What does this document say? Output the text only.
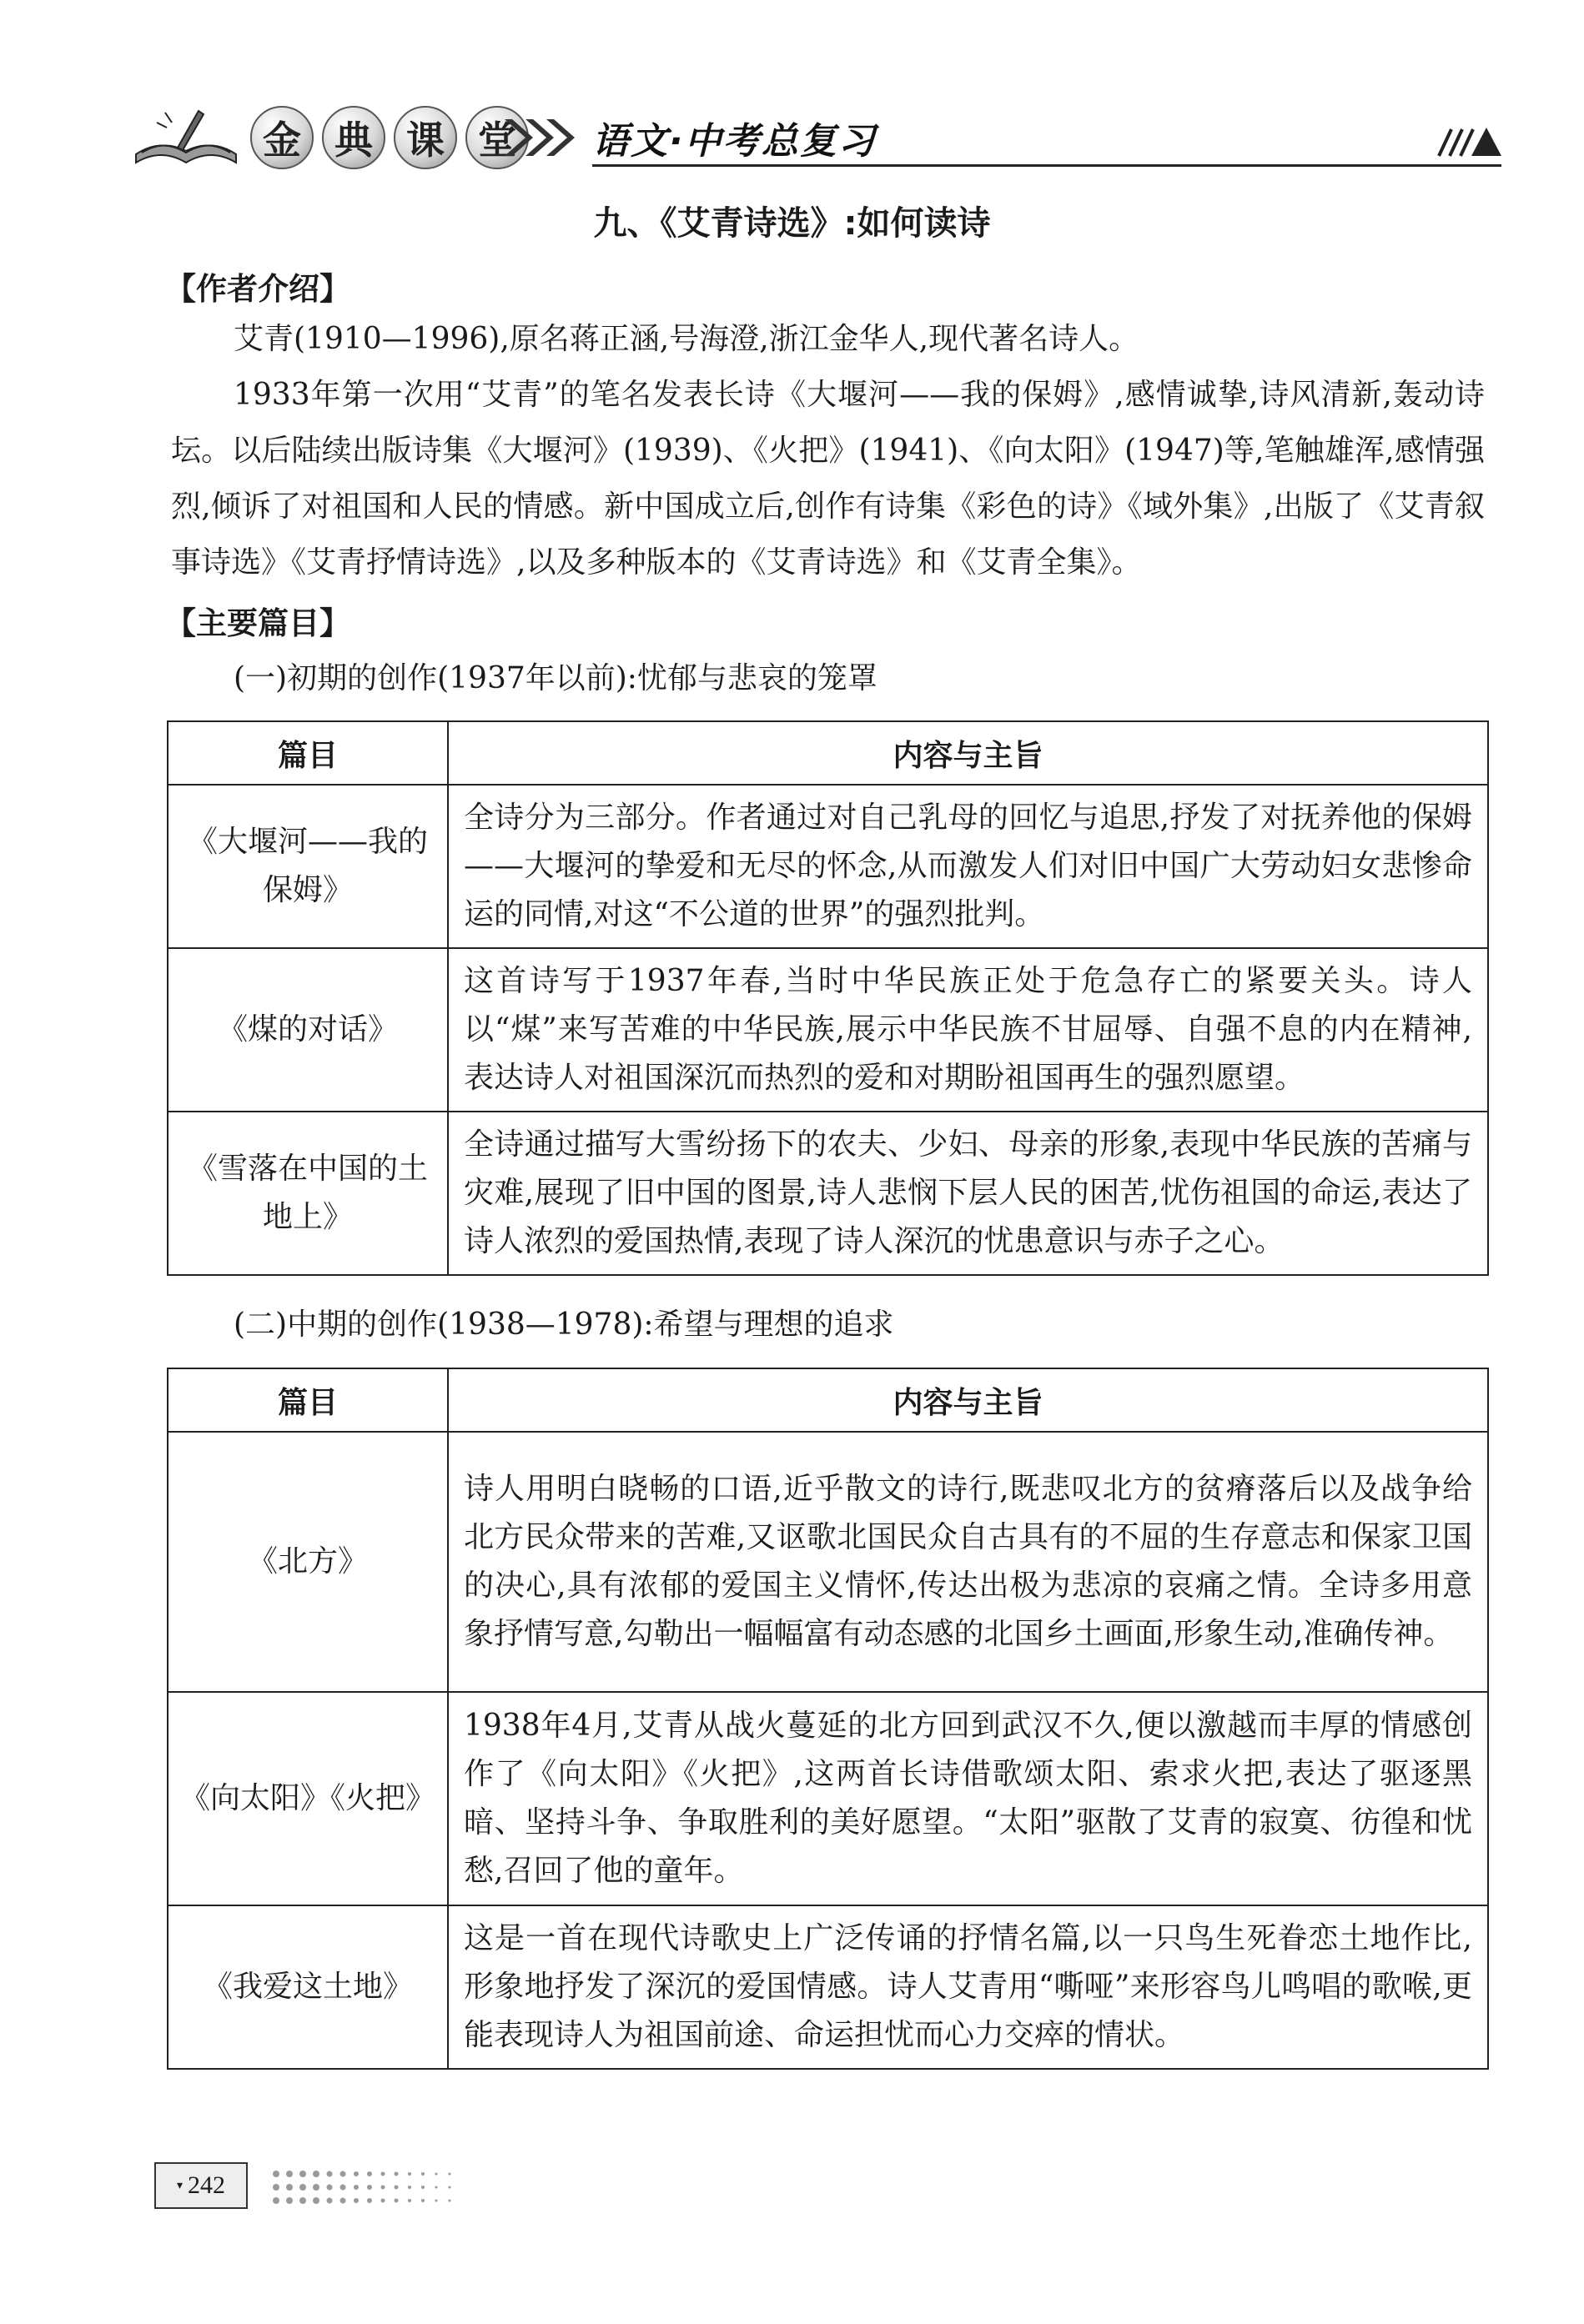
金 典 课 堂	语文·中考总复习
九、《艾青诗选》:如何读诗
【作者介绍】
艾青(1910—1996),原名蒋正涵,号海澄,浙江金华人,现代著名诗人。
1933年第一次用“艾青”的笔名发表长诗《大堰河——我的保姆》,感情诚挚,诗风清新,轰动诗坛。以后陆续出版诗集《大堰河》(1939)、《火把》(1941)、《向太阳》(1947)等,笔触雄浑,感情强烈,倾诉了对祖国和人民的情感。新中国成立后,创作有诗集《彩色的诗》《域外集》,出版了《艾青叙事诗选》《艾青抒情诗选》,以及多种版本的《艾青诗选》和《艾青全集》。
【主要篇目】
(一)初期的创作(1937年以前):忧郁与悲哀的笼罩
篇目	内容与主旨
《大堰河——我的保姆》	全诗分为三部分。作者通过对自己乳母的回忆与追思,抒发了对抚养他的保姆——大堰河的挚爱和无尽的怀念,从而激发人们对旧中国广大劳动妇女悲惨命运的同情,对这“不公道的世界”的强烈批判。
《煤的对话》	这首诗写于1937年春,当时中华民族正处于危急存亡的紧要关头。诗人以“煤”来写苦难的中华民族,展示中华民族不甘屈辱、自强不息的内在精神,表达诗人对祖国深沉而热烈的爱和对期盼祖国再生的强烈愿望。
《雪落在中国的土地上》	全诗通过描写大雪纷扬下的农夫、少妇、母亲的形象,表现中华民族的苦痛与灾难,展现了旧中国的图景,诗人悲悯下层人民的困苦,忧伤祖国的命运,表达了诗人浓烈的爱国热情,表现了诗人深沉的忧患意识与赤子之心。
(二)中期的创作(1938—1978):希望与理想的追求
篇目	内容与主旨
《北方》	诗人用明白晓畅的口语,近乎散文的诗行,既悲叹北方的贫瘠落后以及战争给北方民众带来的苦难,又讴歌北国民众自古具有的不屈的生存意志和保家卫国的决心,具有浓郁的爱国主义情怀,传达出极为悲凉的哀痛之情。全诗多用意象抒情写意,勾勒出一幅幅富有动态感的北国乡土画面,形象生动,准确传神。
《向太阳》《火把》	1938年4月,艾青从战火蔓延的北方回到武汉不久,便以激越而丰厚的情感创作了《向太阳》《火把》,这两首长诗借歌颂太阳、索求火把,表达了驱逐黑暗、坚持斗争、争取胜利的美好愿望。“太阳”驱散了艾青的寂寞、彷徨和忧愁,召回了他的童年。
《我爱这土地》	这是一首在现代诗歌史上广泛传诵的抒情名篇,以一只鸟生死眷恋土地作比,形象地抒发了深沉的爱国情感。诗人艾青用“嘶哑”来形容鸟儿鸣唱的歌喉,更能表现诗人为祖国前途、命运担忧而心力交瘁的情状。
▾ 242
